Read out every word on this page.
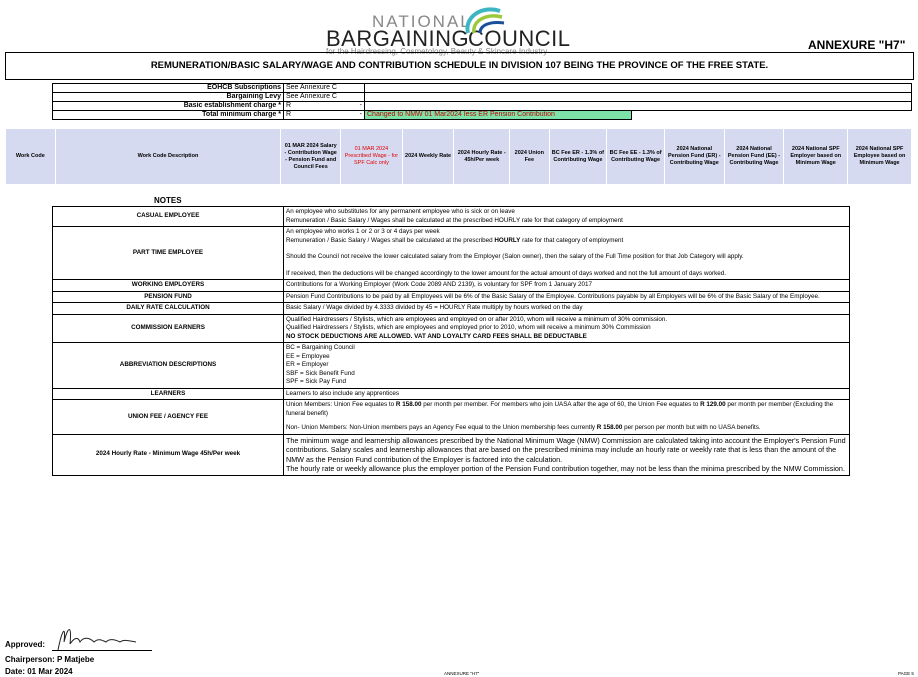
NATIONAL
BARGAINING
COUNCIL
for the Hairdressing, Cosmetology, Beauty & Skincare Industry	ANNEXURE "H7"
REMUNERATION/BASIC SALARY/WAGE AND CONTRIBUTION SCHEDULE IN DIVISION 107 BEING THE PROVINCE OF THE FREE STATE.
EOHCB Subscriptions	See Annexure C			
Bargaining Levy	See Annexure C			
Basic establishment charge *	R	-		
Total minimum charge *	R	-	Changed to NMW 01 Mar2024 less ER Pension Contribution	
Work Code	Work Code Description	01 MAR 2024 Salary - Contribution Wage - Pension Fund and Council Fees	01 MAR 2024 Prescribed Wage - for SPF Calc only	2024 Weekly Rate	2024 Hourly Rate - 45h/Per week	2024 Union Fee	BC Fee ER - 1.3% of Contributing Wage	BC Fee EE - 1.3% of Contributing Wage	2024 National Pension Fund (ER) - Contributing Wage	2024 National Pension Fund (EE) - Contributing Wage	2024 National SPF Employer based on Minimum Wage	2024 National SPF Employee based on Minimum Wage
NOTES
CASUAL EMPLOYEE	An employee who substitutes for any permanent employee who is sick or on leave
Remuneration / Basic Salary / Wages shall be calculated at the prescribed HOURLY rate for that category of employment

PART TIME EMPLOYEE	An employee who works 1 or 2 or 3 or 4 days per week
Remuneration / Basic Salary / Wages shall be calculated at the prescribed HOURLY rate for that category of employment
Should the Council not receive the lower calculated salary from the Employer (Salon owner), then the salary of the Full Time position for that Job Category will apply.
If received, then the deductions will be changed accordingly to the lower amount for the actual amount of days worked and not the full amount of days worked.

WORKING EMPLOYERS	Contributions for a Working Employer (Work Code 2089 AND 2139), is voluntary for SPF from 1 January 2017
PENSION FUND	Pension Fund Contributions to be paid by all Employees will be 6% of the Basic Salary of the Employee. Contributions payable by all Employers will be 6% of the Basic Salary of the Employee.
DAILY RATE CALCULATION	Basic Salary / Wage divided by 4.3333 divided by 45 = HOURLY Rate multiply by hours worked on the day
COMMISSION EARNERS	Qualified Hairdressers / Stylists, which are employees and employed on or after 2010, whom will receive a minimum of 30% commission.
Qualified Hairdressers / Stylists, which are employees and employed prior to 2010, whom will receive a minimum 30% Commission
NO STOCK DEDUCTIONS ARE ALLOWED. VAT AND LOYALTY CARD FEES SHALL BE DEDUCTABLE

ABBREVIATION DESCRIPTIONS	BC = Bargaining Council
EE = Employee
ER = Employer
SBF = Sick Benefit Fund
SPF = Sick Pay Fund

LEARNERS	Learners to also include any apprentices
UNION FEE / AGENCY FEE	Union Members: Union Fee equates to R 158.00 per month per member. For members who join UASA after the age of 60, the Union Fee equates to R 129.00 per month per member (Excluding the funeral benefit)
Non- Union Members: Non-Union members pays an Agency Fee equal to the Union membership fees currently R 158.00 per person per month but with no UASA benefits.

2024 Hourly Rate - Minimum Wage 45h/Per week	The minimum wage and learnership allowances prescribed by the National Minimum Wage (NMW) Commission are calculated taking into account the Employer's Pension Fund contributions. Salary scales and learnership allowances that are based on the prescribed minima may include an hourly rate or weekly rate that is less than the amount of the NMW as the Pension Fund contribution of the Employer is factored into the calculation.
The hourly rate or weekly allowance plus the employer portion of the Pension Fund contribution together, may not be less than the minima prescribed by the NMW Commission.
Approved:
Chairperson: P Matjebe
Date: 01 Mar 2024	ANNEXURE "H7"	PAGE 5
